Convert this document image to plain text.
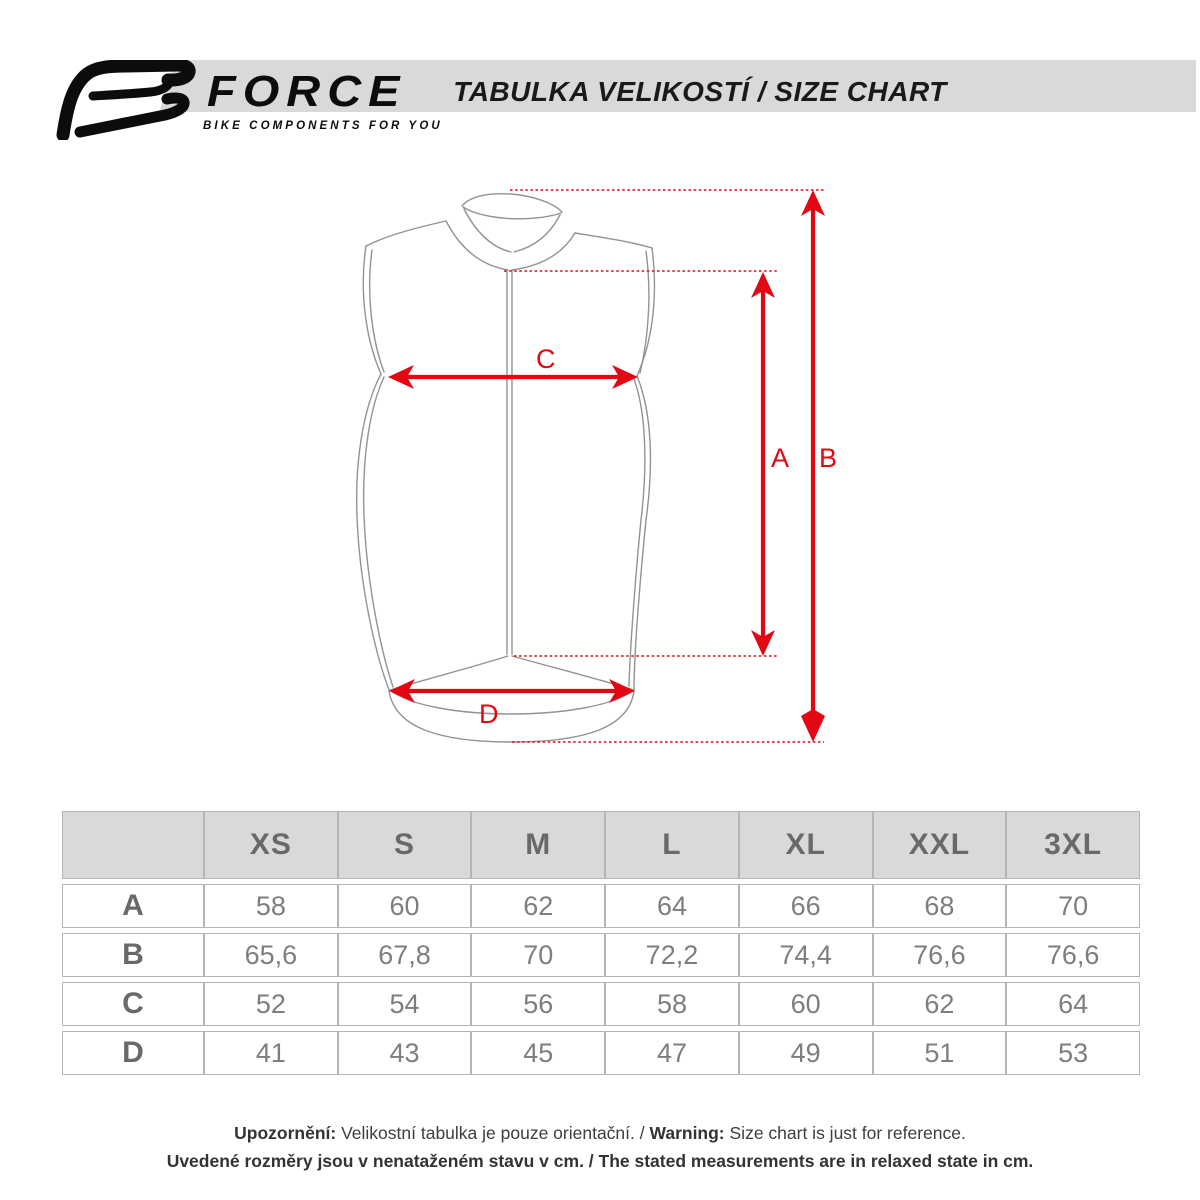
FORCE
BIKE COMPONENTS FOR YOU
TABULKA VELIKOSTÍ / SIZE CHART
A B
C
D
	XS	S	M	L	XL	XXL	3XL
A	58	60	62	64	66	68	70
B	65,6	67,8	70	72,2	74,4	76,6	76,6
C	52	54	56	58	60	62	64
D	41	43	45	47	49	51	53
Upozornění: Velikostní tabulka je pouze orientační. / Warning: Size chart is just for reference.
Uvedené rozměry jsou v nenataženém stavu v cm. / The stated measurements are in relaxed state in cm.
